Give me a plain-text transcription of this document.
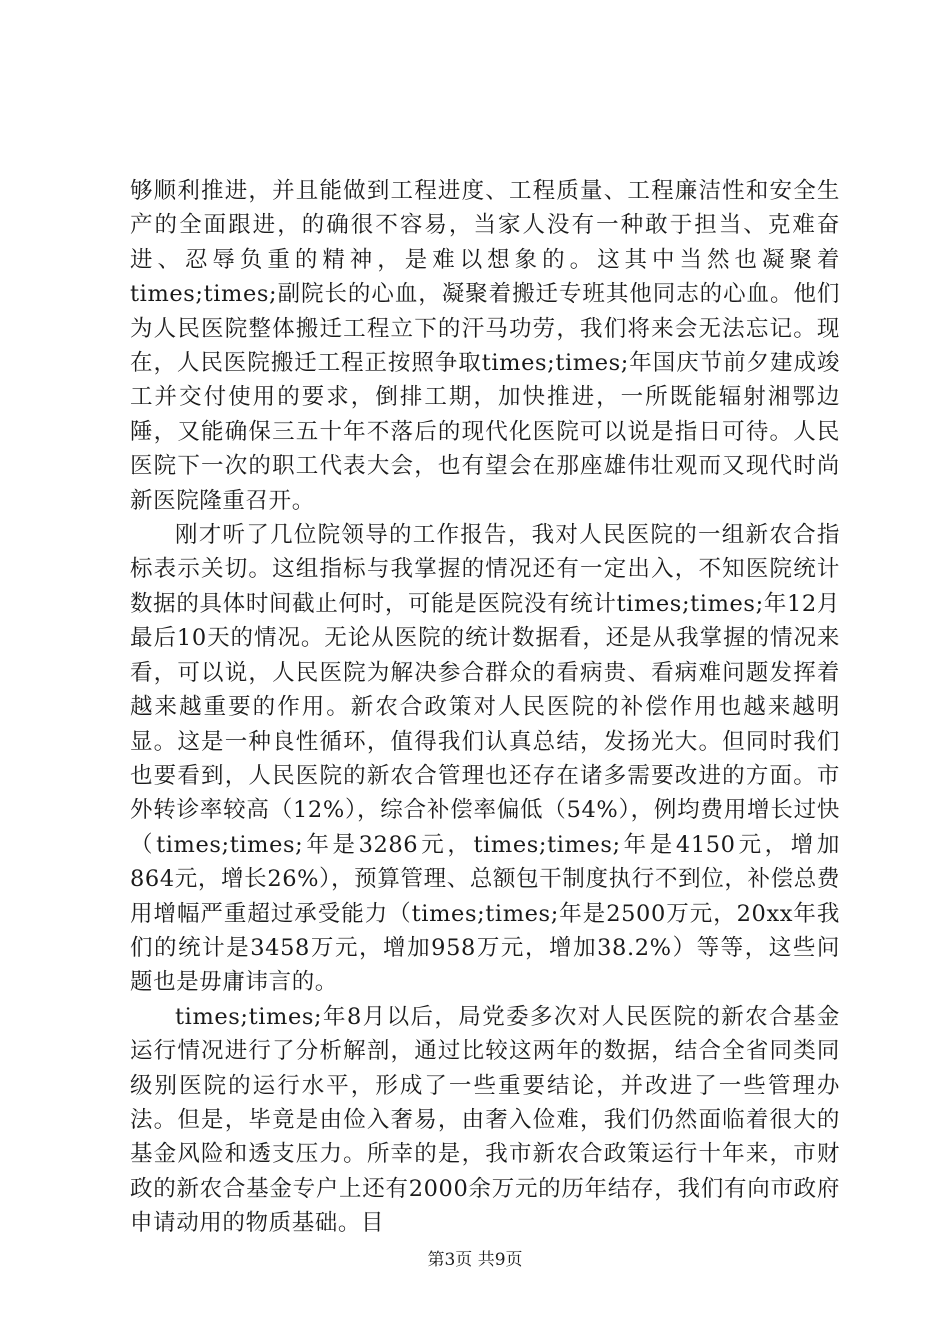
够顺利推进，并且能做到工程进度、工程质量、工程廉洁性和安全生产的全面跟进，的确很不容易，当家人没有一种敢于担当、克难奋进、忍辱负重的精神，是难以想象的。这其中当然也凝聚着times;times;副院长的心血，凝聚着搬迁专班其他同志的心血。他们为人民医院整体搬迁工程立下的汗马功劳，我们将来会无法忘记。现在，人民医院搬迁工程正按照争取times;times;年国庆节前夕建成竣工并交付使用的要求，倒排工期，加快推进，一所既能辐射湘鄂边陲，又能确保三五十年不落后的现代化医院可以说是指日可待。人民医院下一次的职工代表大会，也有望会在那座雄伟壮观而又现代时尚新医院隆重召开。

刚才听了几位院领导的工作报告，我对人民医院的一组新农合指标表示关切。这组指标与我掌握的情况还有一定出入，不知医院统计数据的具体时间截止何时，可能是医院没有统计times;times;年12月最后10天的情况。无论从医院的统计数据看，还是从我掌握的情况来看，可以说，人民医院为解决参合群众的看病贵、看病难问题发挥着越来越重要的作用。新农合政策对人民医院的补偿作用也越来越明显。这是一种良性循环，值得我们认真总结，发扬光大。但同时我们也要看到，人民医院的新农合管理也还存在诸多需要改进的方面。市外转诊率较高（12%），综合补偿率偏低（54%），例均费用增长过快（times;times;年是3286元，times;times;年是4150元，增加864元，增长26%），预算管理、总额包干制度执行不到位，补偿总费用增幅严重超过承受能力（times;times;年是2500万元，20xx年我们的统计是3458万元，增加958万元，增加38.2%）等等，这些问题也是毋庸讳言的。

times;times;年8月以后，局党委多次对人民医院的新农合基金运行情况进行了分析解剖，通过比较这两年的数据，结合全省同类同级别医院的运行水平，形成了一些重要结论，并改进了一些管理办法。但是，毕竟是由俭入奢易，由奢入俭难，我们仍然面临着很大的基金风险和透支压力。所幸的是，我市新农合政策运行十年来，市财政的新农合基金专户上还有2000余万元的历年结存，我们有向市政府申请动用的物质基础。目

第3页 共9页
